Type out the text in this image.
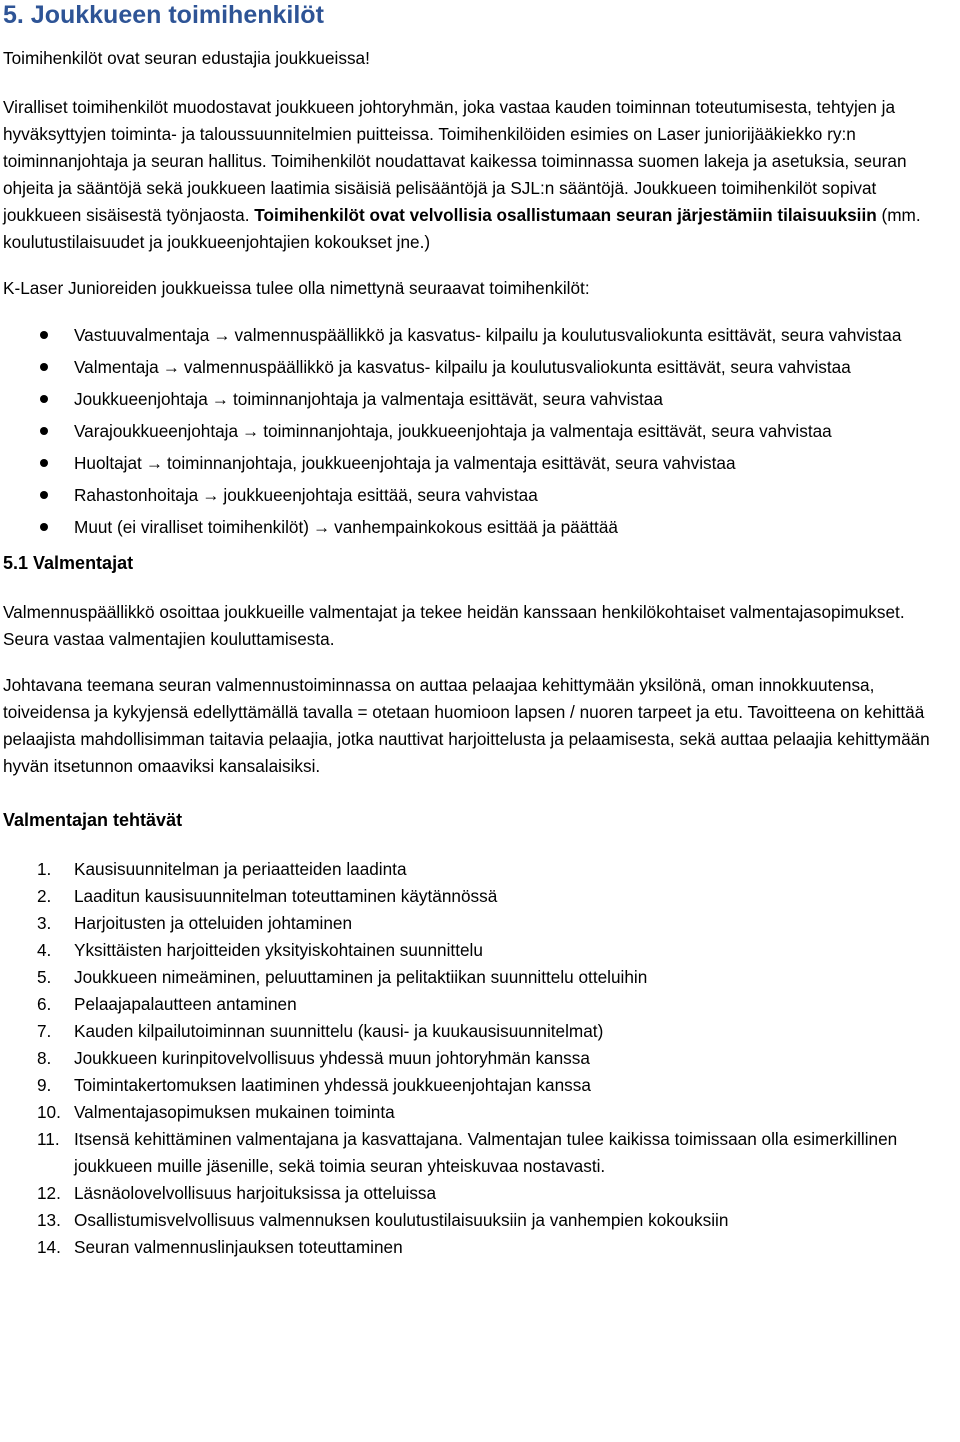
5. Joukkueen toimihenkilöt

Toimihenkilöt ovat seuran edustajia joukkueissa!

Viralliset toimihenkilöt muodostavat joukkueen johtoryhmän, joka vastaa kauden toiminnan toteutumisesta, tehtyjen ja hyväksyttyjen toiminta- ja taloussuunnitelmien puitteissa. Toimihenkilöiden esimies on Laser juniorijääkiekko ry:n toiminnanjohtaja ja seuran hallitus. Toimihenkilöt noudattavat kaikessa toiminnassa suomen lakeja ja asetuksia, seuran ohjeita ja sääntöjä sekä joukkueen laatimia sisäisiä pelisääntöjä ja SJL:n sääntöjä. Joukkueen toimihenkilöt sopivat joukkueen sisäisestä työnjaosta. Toimihenkilöt ovat velvollisia osallistumaan seuran järjestämiin tilaisuuksiin (mm. koulutustilaisuudet ja joukkueenjohtajien kokoukset jne.)

K-Laser Junioreiden joukkueissa tulee olla nimettynä seuraavat toimihenkilöt:

Vastuuvalmentaja → valmennuspäällikkö ja kasvatus- kilpailu ja koulutusvaliokunta esittävät, seura vahvistaa
Valmentaja → valmennuspäällikkö ja kasvatus- kilpailu ja koulutusvaliokunta esittävät, seura vahvistaa
Joukkueenjohtaja → toiminnanjohtaja ja valmentaja esittävät, seura vahvistaa
Varajoukkueenjohtaja → toiminnanjohtaja, joukkueenjohtaja ja valmentaja esittävät, seura vahvistaa
Huoltajat → toiminnanjohtaja, joukkueenjohtaja ja valmentaja esittävät, seura vahvistaa
Rahastonhoitaja → joukkueenjohtaja esittää, seura vahvistaa
Muut (ei viralliset toimihenkilöt) → vanhempainkokous esittää ja päättää
5.1 Valmentajat

Valmennuspäällikkö osoittaa joukkueille valmentajat ja tekee heidän kanssaan henkilökohtaiset valmentajasopimukset. Seura vastaa valmentajien kouluttamisesta.

Johtavana teemana seuran valmennustoiminnassa on auttaa pelaajaa kehittymään yksilönä, oman innokkuutensa, toiveidensa ja kykyjensä edellyttämällä tavalla = otetaan huomioon lapsen / nuoren tarpeet ja etu. Tavoitteena on kehittää pelaajista mahdollisimman taitavia pelaajia, jotka nauttivat harjoittelusta ja pelaamisesta, sekä auttaa pelaajia kehittymään hyvän itsetunnon omaaviksi kansalaisiksi.

Valmentajan tehtävät
1. Kausisuunnitelman ja periaatteiden laadinta
2. Laaditun kausisuunnitelman toteuttaminen käytännössä
3. Harjoitusten ja otteluiden johtaminen
4. Yksittäisten harjoitteiden yksityiskohtainen suunnittelu
5. Joukkueen nimeäminen, peluuttaminen ja pelitaktiikan suunnittelu otteluihin
6. Pelaajapalautteen antaminen
7. Kauden kilpailutoiminnan suunnittelu (kausi- ja kuukausisuunnitelmat)
8. Joukkueen kurinpitovelvollisuus yhdessä muun johtoryhmän kanssa
9. Toimintakertomuksen laatiminen yhdessä joukkueenjohtajan kanssa
10. Valmentajasopimuksen mukainen toiminta
11. Itsensä kehittäminen valmentajana ja kasvattajana. Valmentajan tulee kaikissa toimissaan olla esimerkillinen joukkueen muille jäsenille, sekä toimia seuran yhteiskuvaa nostavasti.
12. Läsnäolovelvollisuus harjoituksissa ja otteluissa
13. Osallistumisvelvollisuus valmennuksen koulutustilaisuuksiin ja vanhempien kokouksiin
14. Seuran valmennuslinjauksen toteuttaminen
